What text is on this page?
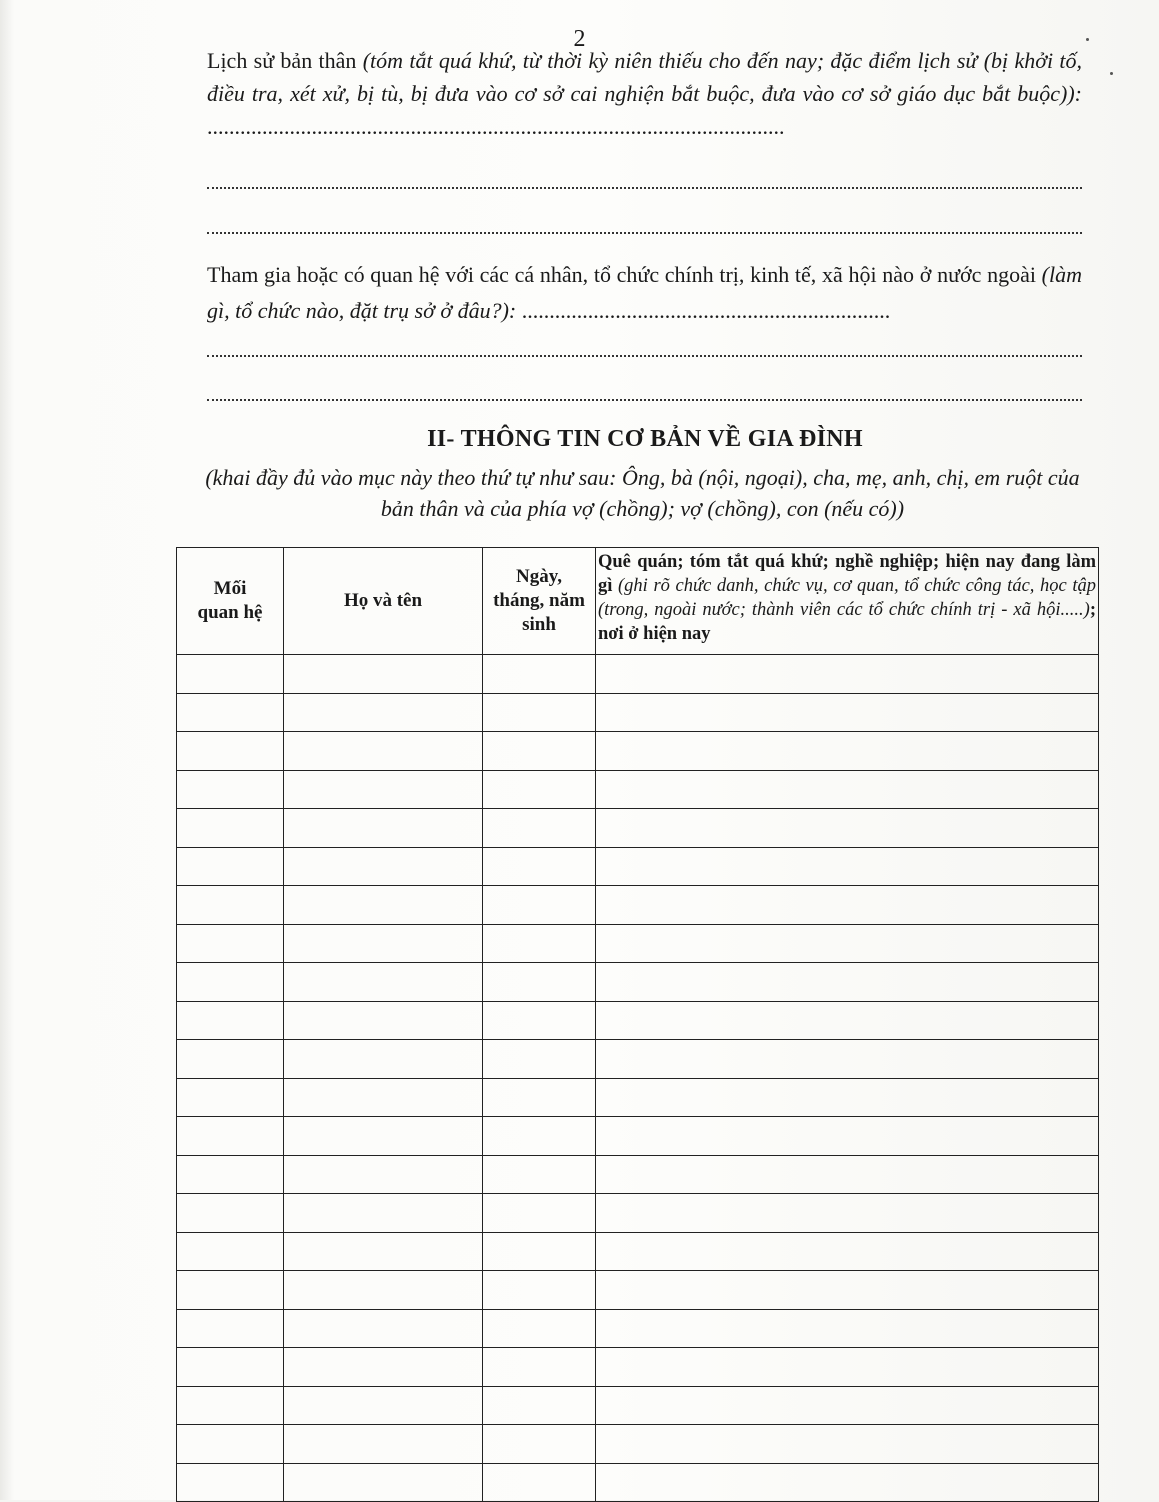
2

Lịch sử bản thân (tóm tắt quá khứ, từ thời kỳ niên thiếu cho đến nay; đặc điểm lịch sử (bị khởi tố, điều tra, xét xử, bị tù, bị đưa vào cơ sở cai nghiện bắt buộc, đưa vào cơ sở giáo dục bắt buộc)): .........................................................................................................

Tham gia hoặc có quan hệ với các cá nhân, tổ chức chính trị, kinh tế, xã hội nào ở nước ngoài (làm gì, tổ chức nào, đặt trụ sở ở đâu?): ...................................................................

II- THÔNG TIN CƠ BẢN VỀ GIA ĐÌNH
(khai đầy đủ vào mục này theo thứ tự như sau: Ông, bà (nội, ngoại), cha, mẹ, anh, chị, em ruột của bản thân và của phía vợ (chồng); vợ (chồng), con (nếu có))
Mối quan hệ	Họ và tên	Ngày, tháng, năm sinh	Quê quán; tóm tắt quá khứ; nghề nghiệp; hiện nay đang làm gì (ghi rõ chức danh, chức vụ, cơ quan, tổ chức công tác, học tập (trong, ngoài nước; thành viên các tổ chức chính trị - xã hội.....); nơi ở hiện nay
